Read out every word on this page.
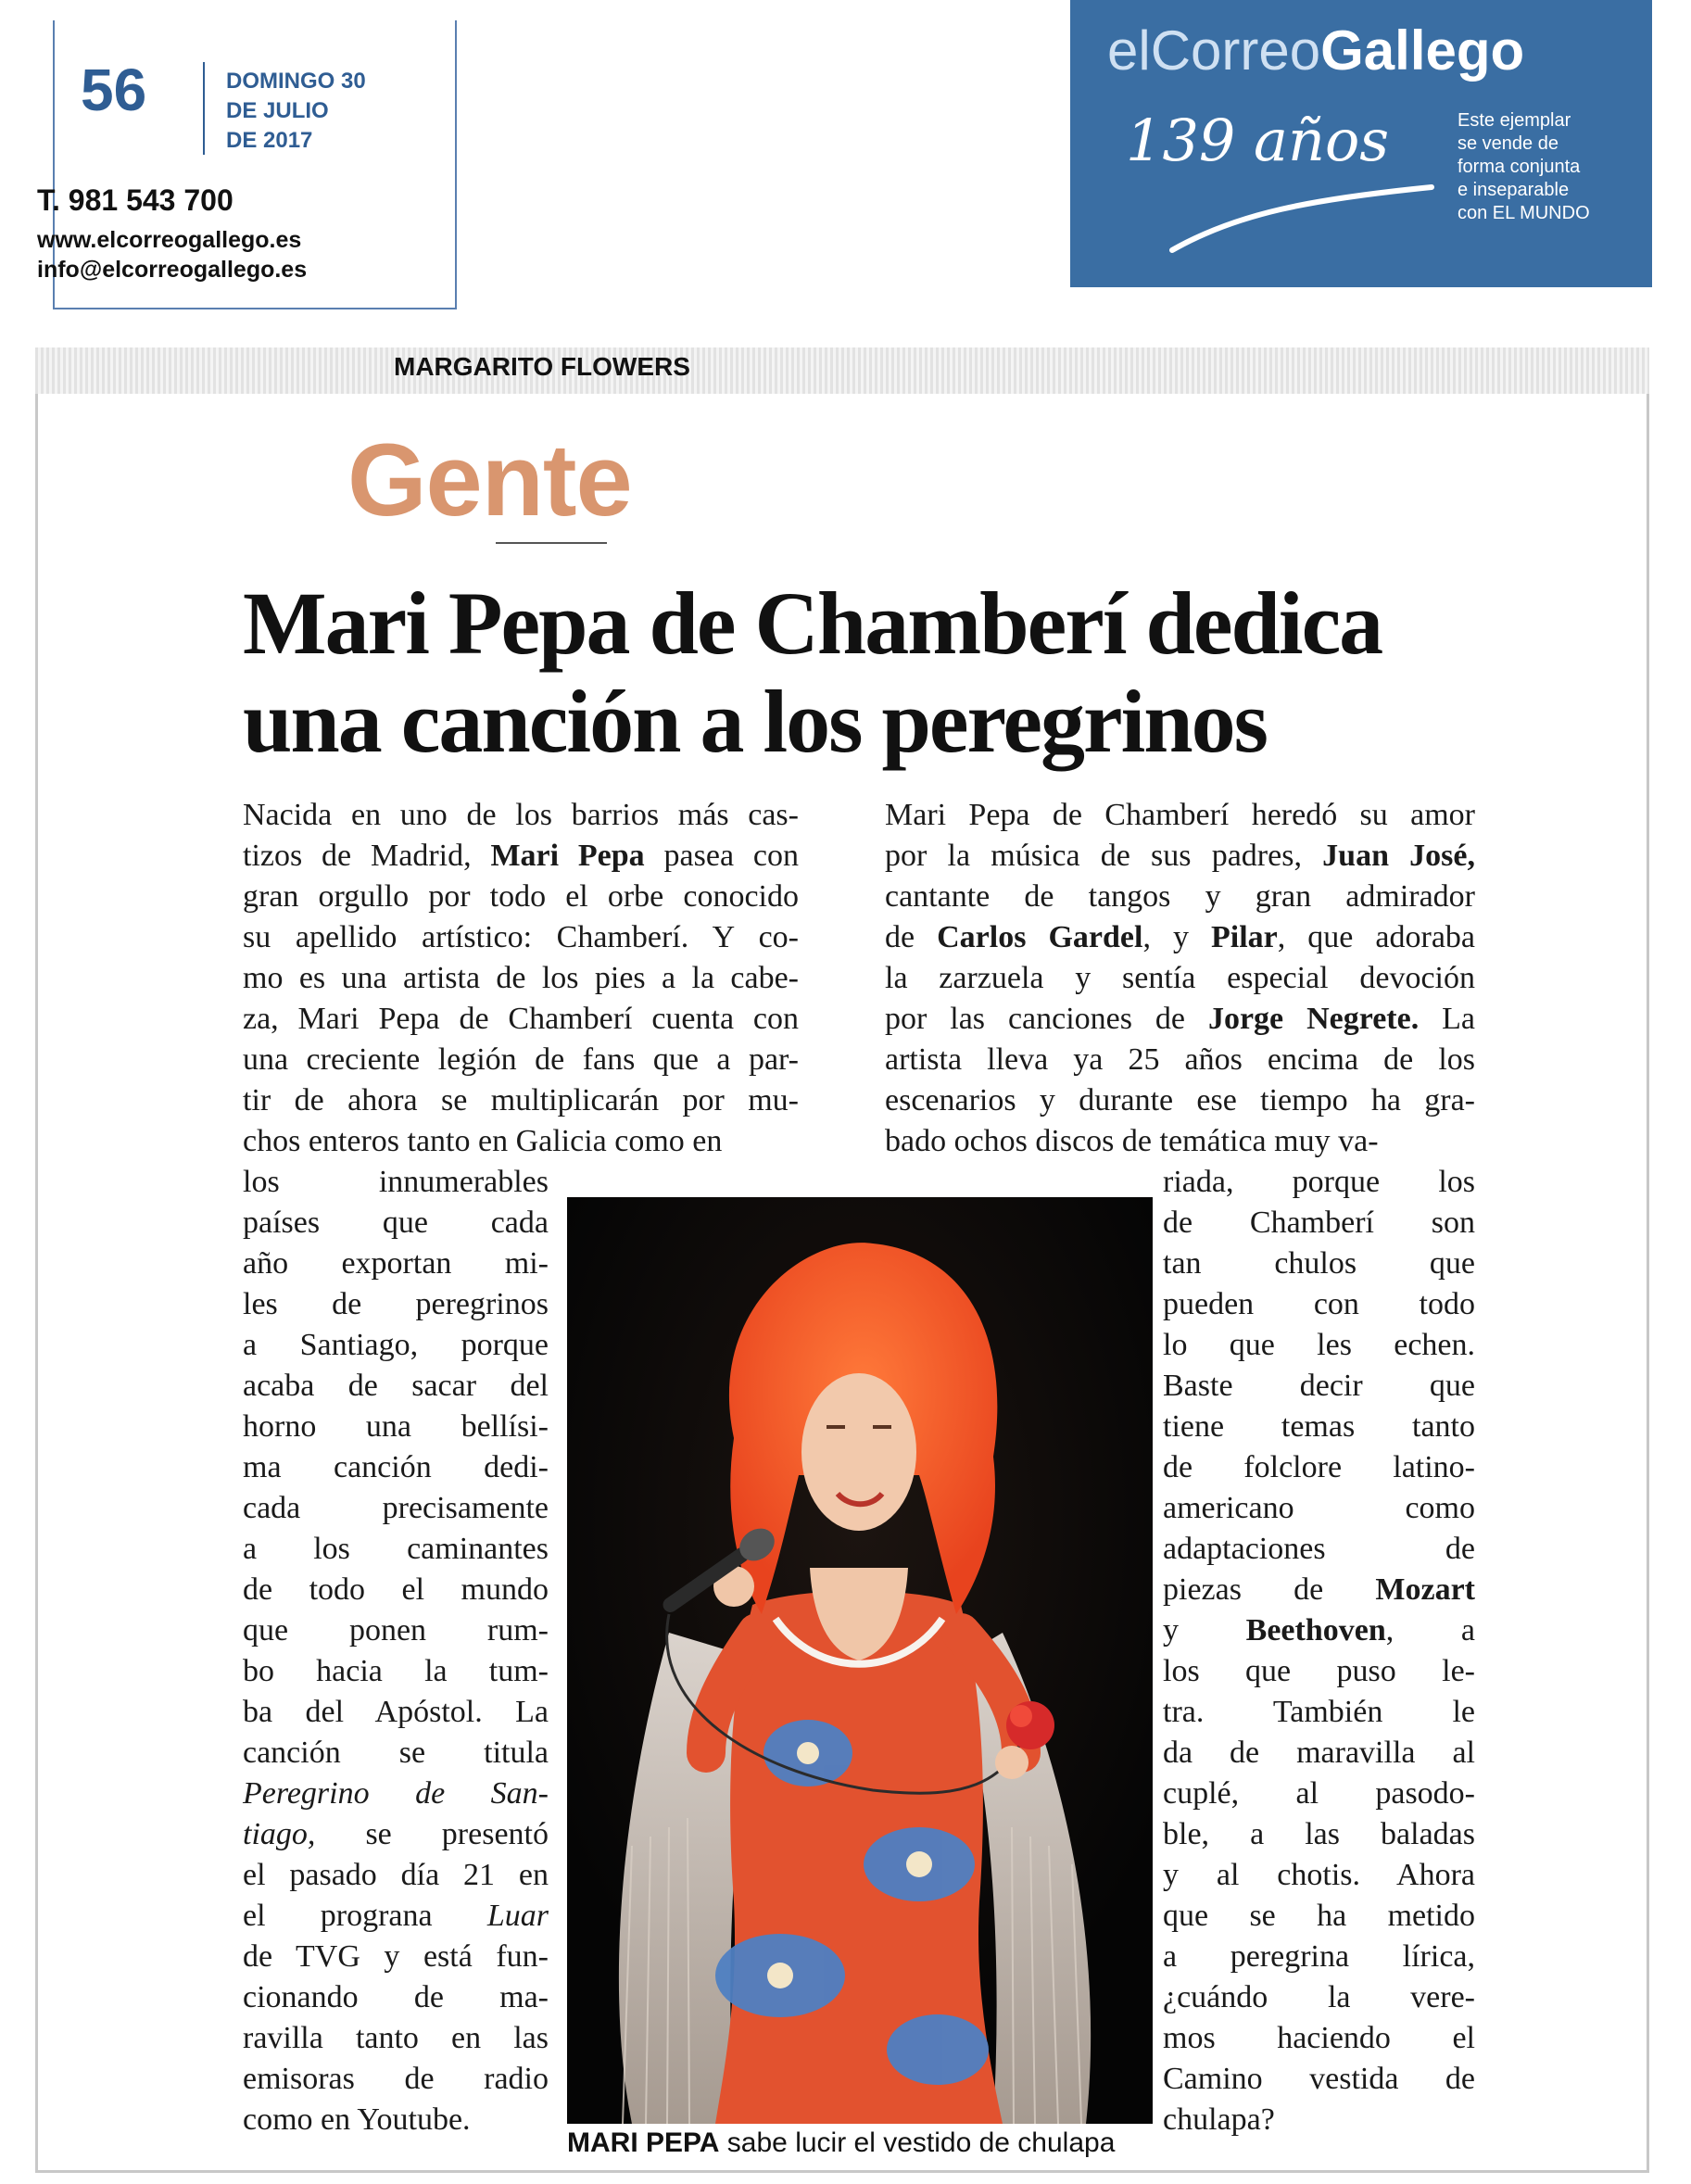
56	DOMINGO 30
DE JULIO
DE 2017
T. 981 543 700
www.elcorreogallego.es
info@elcorreogallego.es
elCorreoGallego
139 años	Este ejemplar
se vende de
forma conjunta
e inseparable
con EL MUNDO
MARGARITO FLOWERS
Gente
Mari Pepa de Chamberí dedica
una canción a los peregrinos
Nacida en uno de los barrios más cas-
tizos de Madrid, Mari Pepa pasea con
gran orgullo por todo el orbe conocido
su apellido artístico: Chamberí. Y co-
mo es una artista de los pies a la cabe-
za, Mari Pepa de Chamberí cuenta con
una creciente legión de fans que a par-
tir de ahora se multiplicarán por mu-
chos enteros tanto en Galicia como en
los innumerables
países que cada
año exportan mi-
les de peregrinos
a Santiago, porque
acaba de sacar del
horno una bellísi-
ma canción dedi-
cada precisamente
a los caminantes
de todo el mundo
que ponen rum-
bo hacia la tum-
ba del Apóstol. La
canción se titula
Peregrino de San-
tiago, se presentó
el pasado día 21 en
el prograna Luar
de TVG y está fun-
cionando de ma-
ravilla tanto en las
emisoras de radio
como en Youtube.
Mari Pepa de Chamberí heredó su amor
por la música de sus padres, Juan José,
cantante de tangos y gran admirador
de Carlos Gardel, y Pilar, que adoraba
la zarzuela y sentía especial devoción
por las canciones de Jorge Negrete. La
artista lleva ya 25 años encima de los
escenarios y durante ese tiempo ha gra-
bado ochos discos de temática muy va-
riada, porque los
de Chamberí son
tan chulos que
pueden con todo
lo que les echen.
Baste decir que
tiene temas tanto
de folclore latino-
americano como
adaptaciones de
piezas de Mozart
y Beethoven, a
los que puso le-
tra. También le
da de maravilla al
cuplé, al pasodo-
ble, a las baladas
y al chotis. Ahora
que se ha metido
a peregrina lírica,
¿cuándo la vere-
mos haciendo el
Camino vestida de
chulapa?
MARI PEPA sabe lucir el vestido de chulapa
